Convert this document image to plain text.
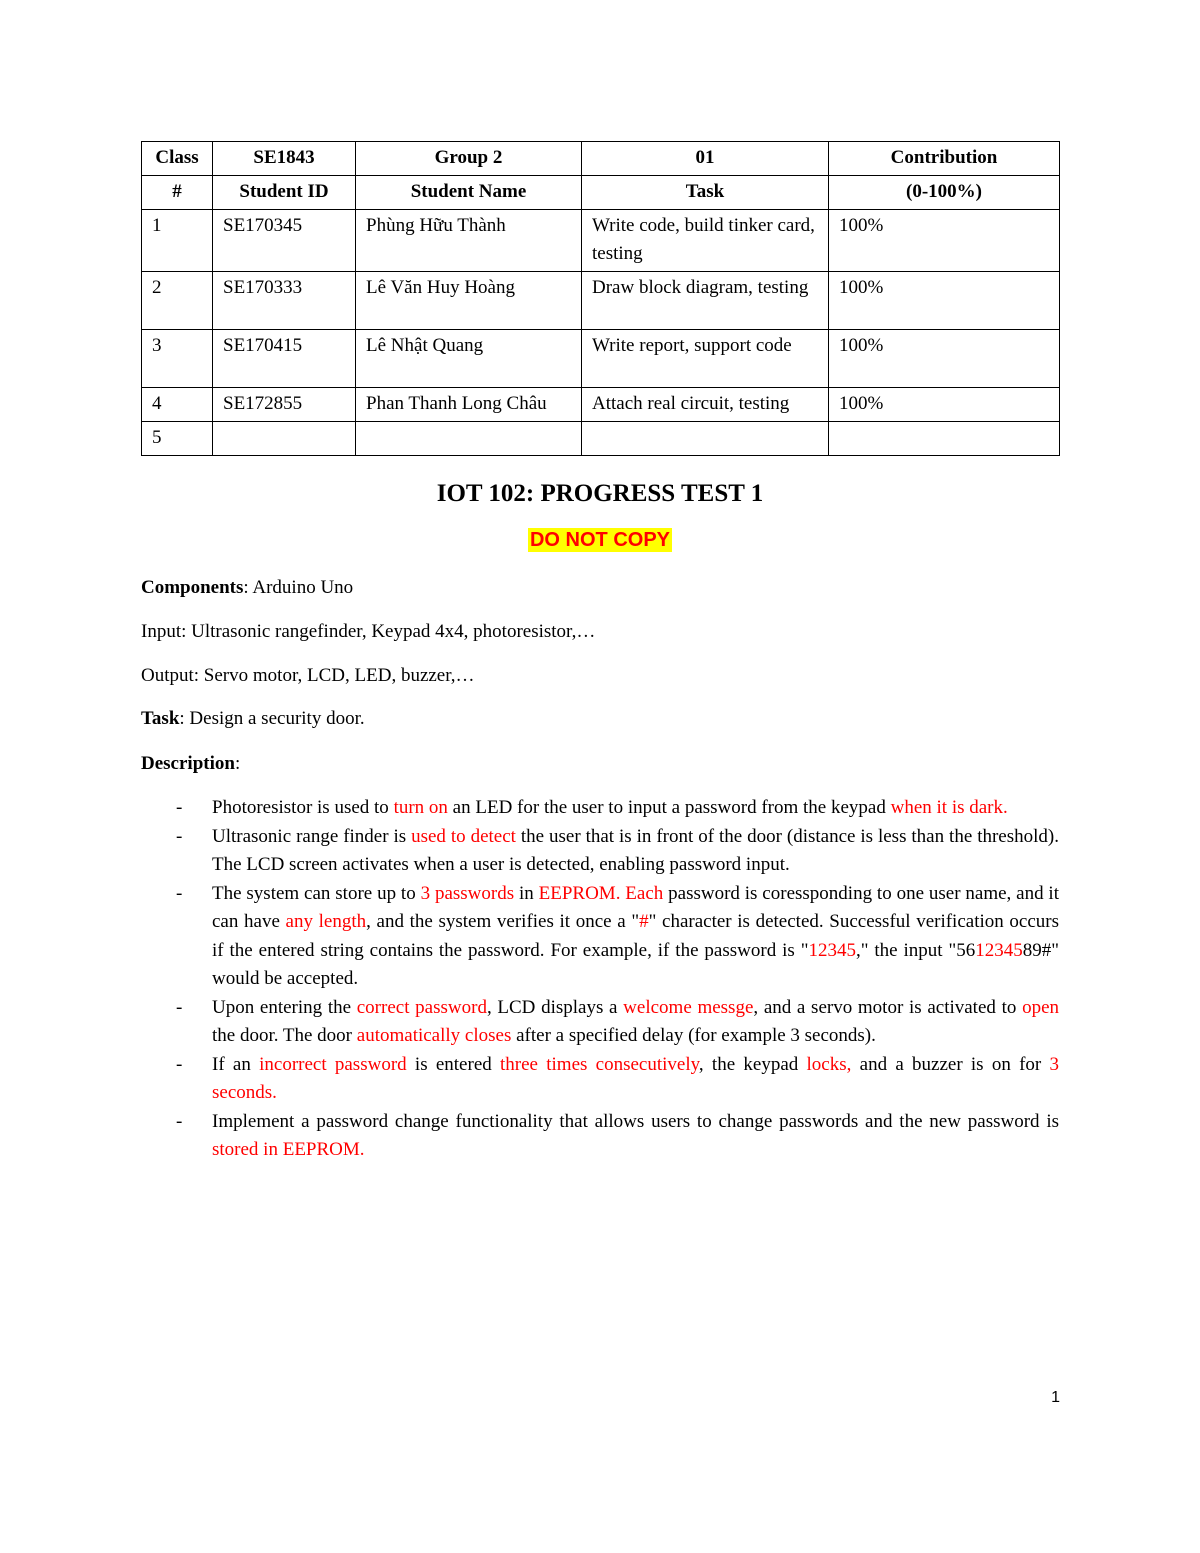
Class	SE1843	Group 2	01	Contribution
#	Student ID	Student Name	Task	(0-100%)
1	SE170345	Phùng Hữu Thành	Write code, build tinker card, testing	100%
2	SE170333	Lê Văn Huy Hoàng	Draw block diagram, testing	100%
3	SE170415	Lê Nhật Quang	Write report, support code	100%
4	SE172855	Phan Thanh Long Châu	Attach real circuit, testing	100%
5				
IOT 102: PROGRESS TEST 1
DO NOT COPY

Components: Arduino Uno

Input: Ultrasonic rangefinder, Keypad 4x4, photoresistor,…

Output: Servo motor, LCD, LED, buzzer,…

Task: Design a security door.

Description:

- Photoresistor is used to turn on an LED for the user to input a password from the keypad when it is dark.
- Ultrasonic range finder is used to detect the user that is in front of the door (distance is less than the threshold). The LCD screen activates when a user is detected, enabling password input.
- The system can store up to 3 passwords in EEPROM. Each password is coressponding to one user name, and it can have any length, and the system verifies it once a "#" character is detected. Successful verification occurs if the entered string contains the password. For example, if the password is "12345," the input "561234589#" would be accepted.
- Upon entering the correct password, LCD displays a welcome messge, and a servo motor is activated to open the door. The door automatically closes after a specified delay (for example 3 seconds).
- If an incorrect password is entered three times consecutively, the keypad locks, and a buzzer is on for 3 seconds.
- Implement a password change functionality that allows users to change passwords and the new password is stored in EEPROM.
1
